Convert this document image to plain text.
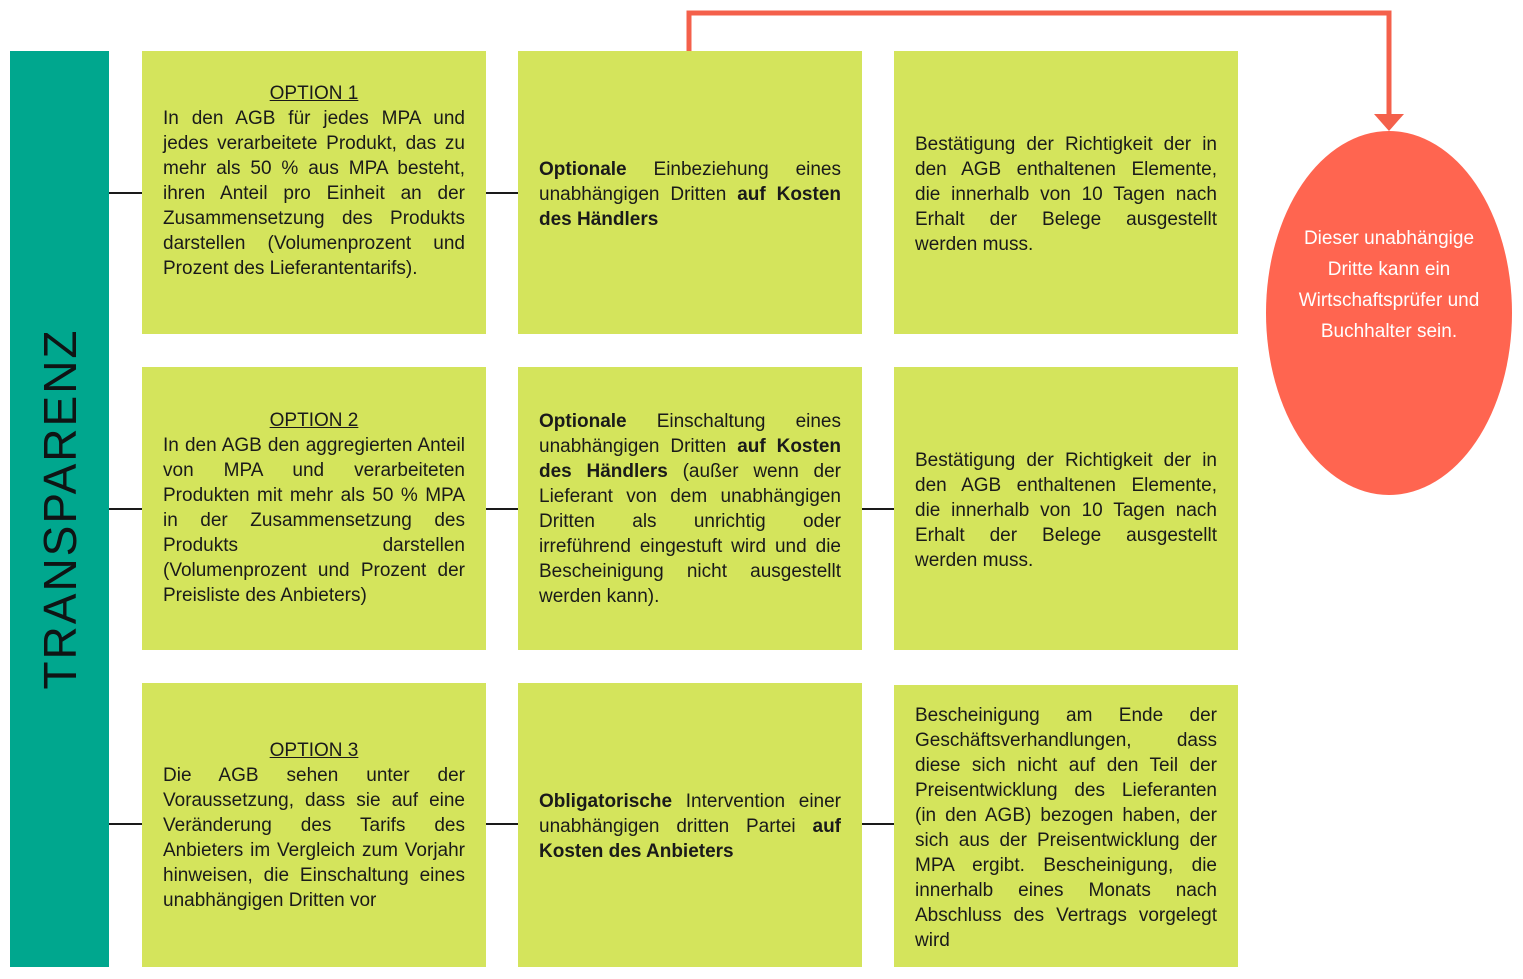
TRANSPARENZ
OPTION 1
In den AGB für jedes MPA und jedes verarbeitete Produkt, das zu mehr als 50 % aus MPA besteht, ihren Anteil pro Einheit an der Zusammensetzung des Produkts darstellen (Volumenprozent und Prozent des Lieferantentarifs).
OPTION 2
In den AGB den aggregierten Anteil von MPA und verarbeiteten Produkten mit mehr als 50 % MPA in der Zusammensetzung des Produkts darstellen (Volumenprozent und Prozent der Preisliste des Anbieters)
OPTION 3
Die AGB sehen unter der Voraussetzung, dass sie auf eine Veränderung des Tarifs des Anbieters im Vergleich zum Vorjahr hinweisen, die Einschaltung eines unabhängigen Dritten vor
Optionale Einbeziehung eines unabhängigen Dritten auf Kosten des Händlers
Optionale Einschaltung eines unabhängigen Dritten auf Kosten des Händlers (außer wenn der Lieferant von dem unabhängigen Dritten als unrichtig oder irreführend eingestuft wird und die Bescheinigung nicht ausgestellt werden kann).
Obligatorische Intervention einer unabhängigen dritten Partei auf Kosten des Anbieters
Bestätigung der Richtigkeit der in den AGB enthaltenen Elemente, die innerhalb von 10 Tagen nach Erhalt der Belege ausgestellt werden muss.
Bestätigung der Richtigkeit der in den AGB enthaltenen Elemente, die innerhalb von 10 Tagen nach Erhalt der Belege ausgestellt werden muss.
Bescheinigung am Ende der Geschäftsverhandlungen, dass diese sich nicht auf den Teil der Preisentwicklung des Lieferanten (in den AGB) bezogen haben, der sich aus der Preisentwicklung der MPA ergibt. Bescheinigung, die innerhalb eines Monats nach Abschluss des Vertrags vorgelegt wird
Dieser unabhängige Dritte kann ein Wirtschaftsprüfer und Buchhalter sein.
